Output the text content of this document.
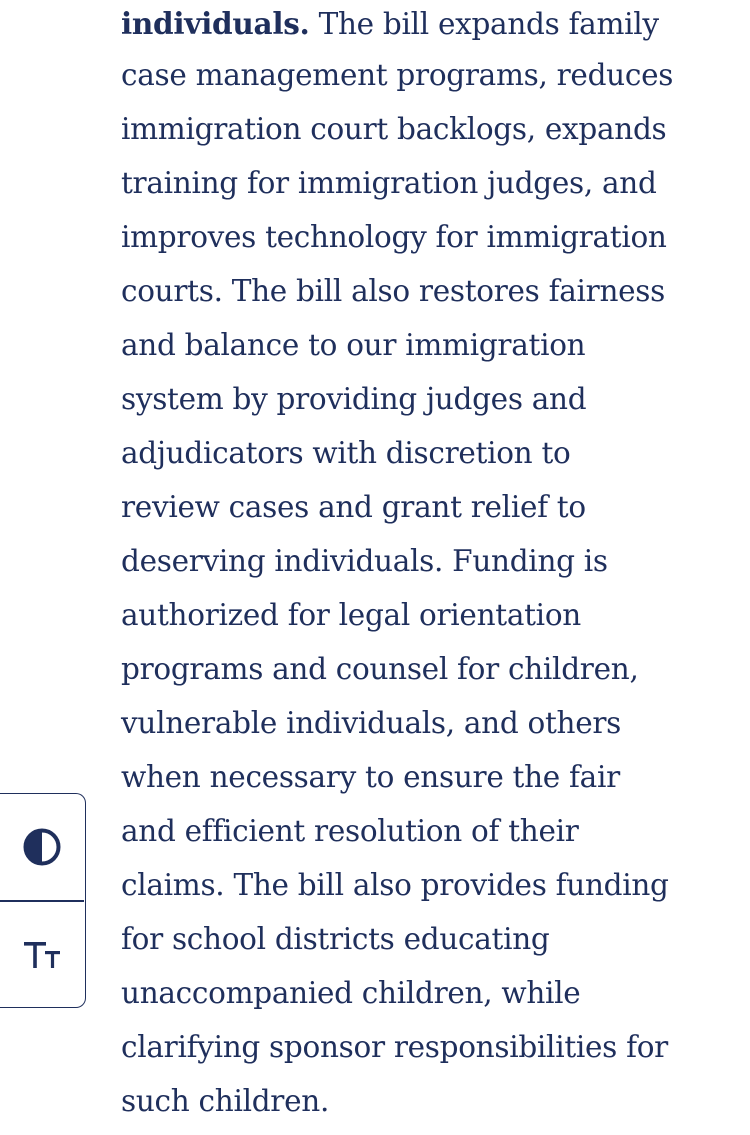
individuals. The bill expands family
case management programs, reduces
immigration court backlogs, expands
training for immigration judges, and
improves technology for immigration
courts. The bill also restores fairness
and balance to our immigration
system by providing judges and
adjudicators with discretion to
review cases and grant relief to
deserving individuals. Funding is
authorized for legal orientation
programs and counsel for children,
vulnerable individuals, and others
when necessary to ensure the fair
and efficient resolution of their
claims. The bill also provides funding
for school districts educating
unaccompanied children, while
clarifying sponsor responsibilities for
such children.
